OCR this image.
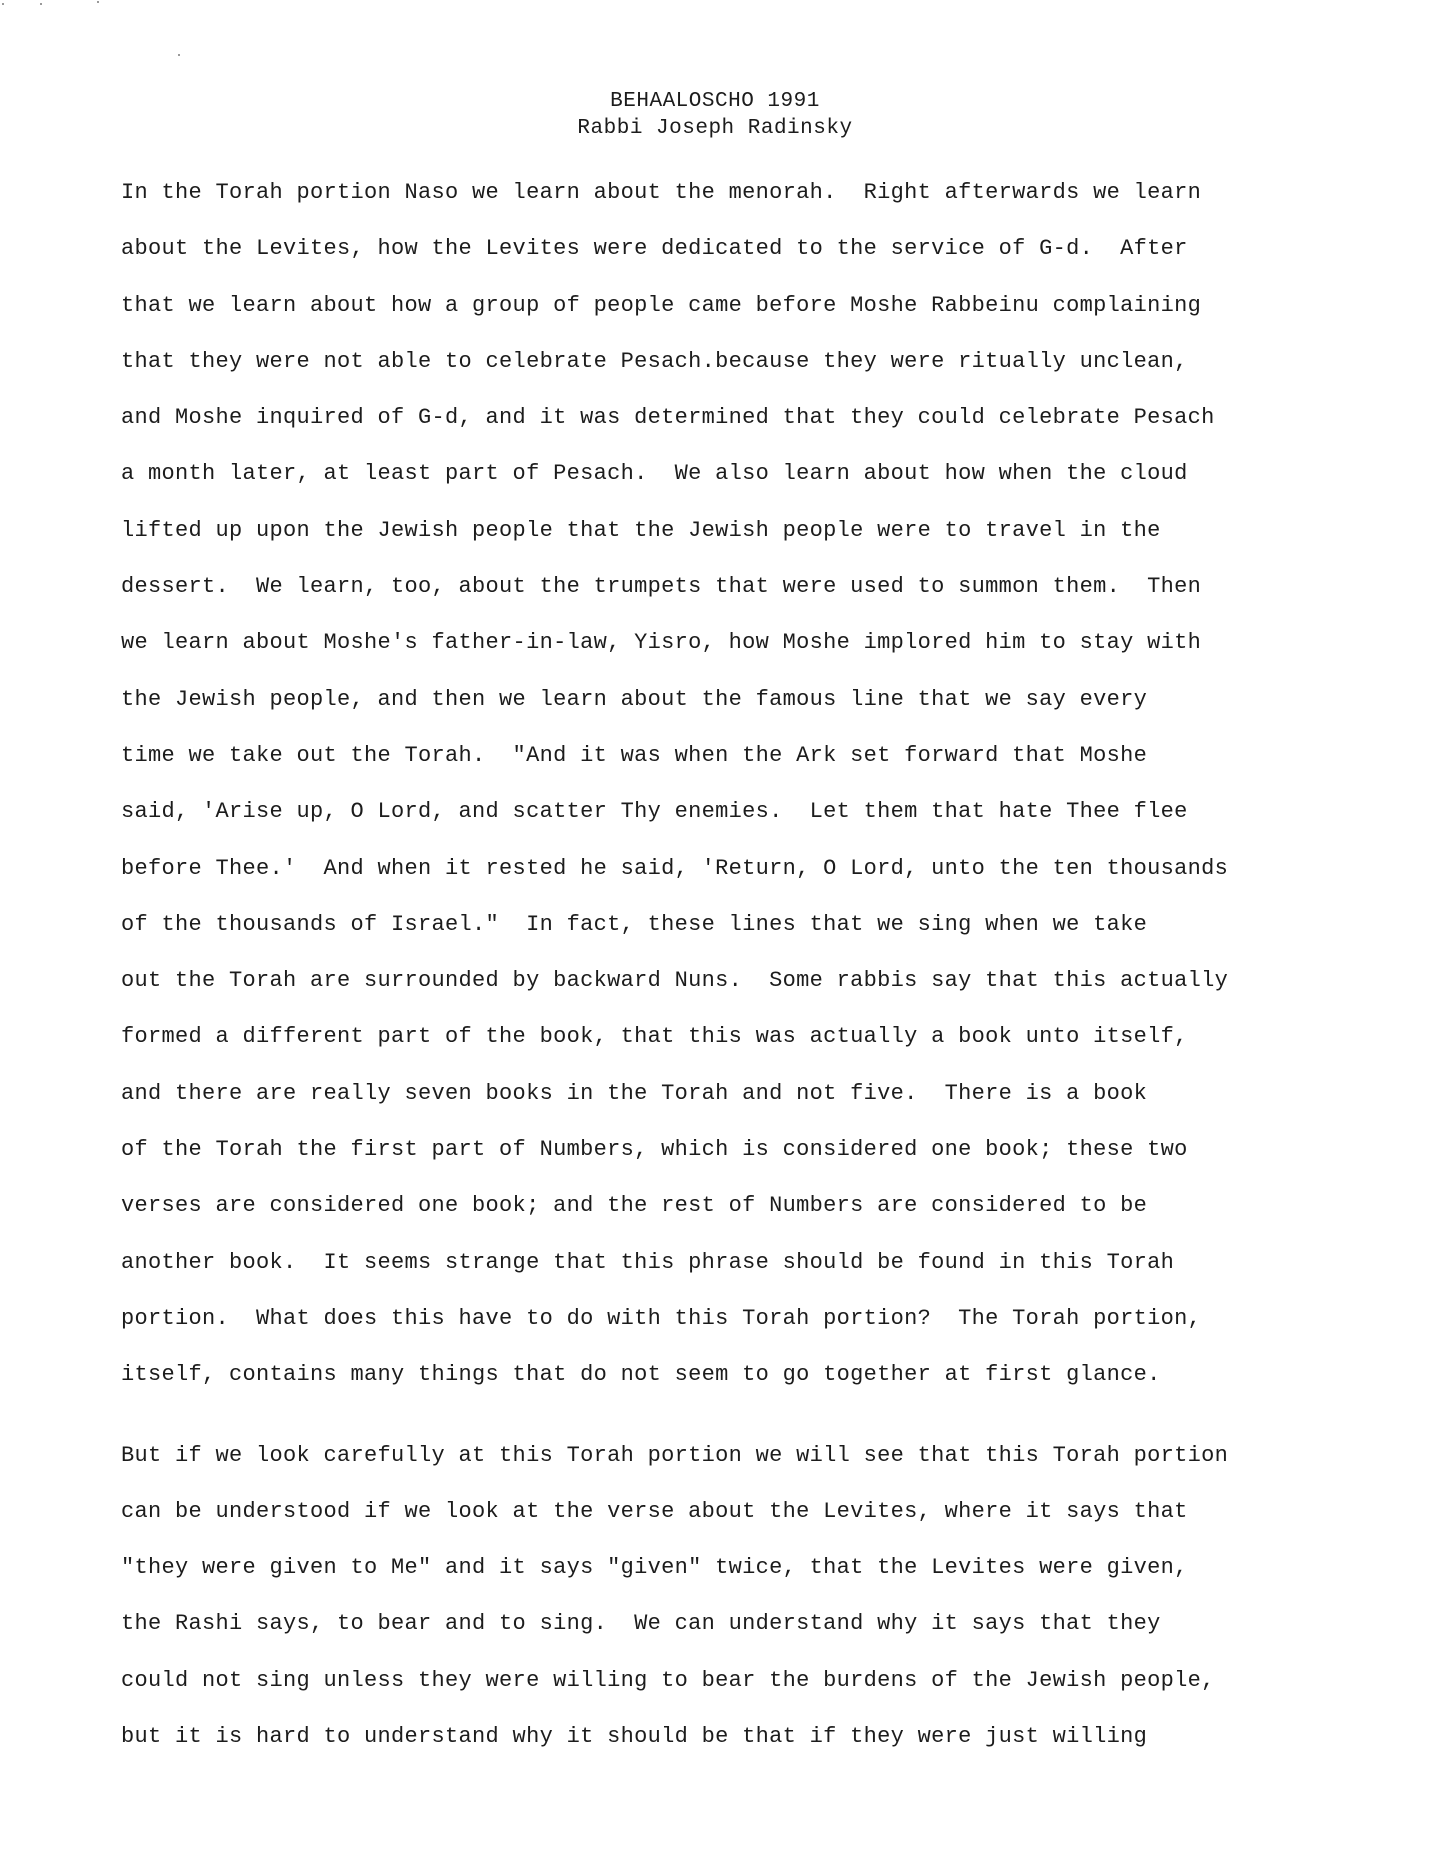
BEHAALOSCHO 1991
Rabbi Joseph Radinsky
In the Torah portion Naso we learn about the menorah.  Right afterwards we learn
about the Levites, how the Levites were dedicated to the service of G-d.  After
that we learn about how a group of people came before Moshe Rabbeinu complaining
that they were not able to celebrate Pesach.because they were ritually unclean,
and Moshe inquired of G-d, and it was determined that they could celebrate Pesach
a month later, at least part of Pesach.  We also learn about how when the cloud
lifted up upon the Jewish people that the Jewish people were to travel in the
dessert.  We learn, too, about the trumpets that were used to summon them.  Then
we learn about Moshe's father-in-law, Yisro, how Moshe implored him to stay with
the Jewish people, and then we learn about the famous line that we say every
time we take out the Torah.  "And it was when the Ark set forward that Moshe
said, 'Arise up, O Lord, and scatter Thy enemies.  Let them that hate Thee flee
before Thee.'  And when it rested he said, 'Return, O Lord, unto the ten thousands
of the thousands of Israel."  In fact, these lines that we sing when we take
out the Torah are surrounded by backward Nuns.  Some rabbis say that this actually
formed a different part of the book, that this was actually a book unto itself,
and there are really seven books in the Torah and not five.  There is a book
of the Torah the first part of Numbers, which is considered one book; these two
verses are considered one book; and the rest of Numbers are considered to be
another book.  It seems strange that this phrase should be found in this Torah
portion.  What does this have to do with this Torah portion?  The Torah portion,
itself, contains many things that do not seem to go together at first glance.
But if we look carefully at this Torah portion we will see that this Torah portion
can be understood if we look at the verse about the Levites, where it says that
"they were given to Me" and it says "given" twice, that the Levites were given,
the Rashi says, to bear and to sing.  We can understand why it says that they
could not sing unless they were willing to bear the burdens of the Jewish people,
but it is hard to understand why it should be that if they were just willing
